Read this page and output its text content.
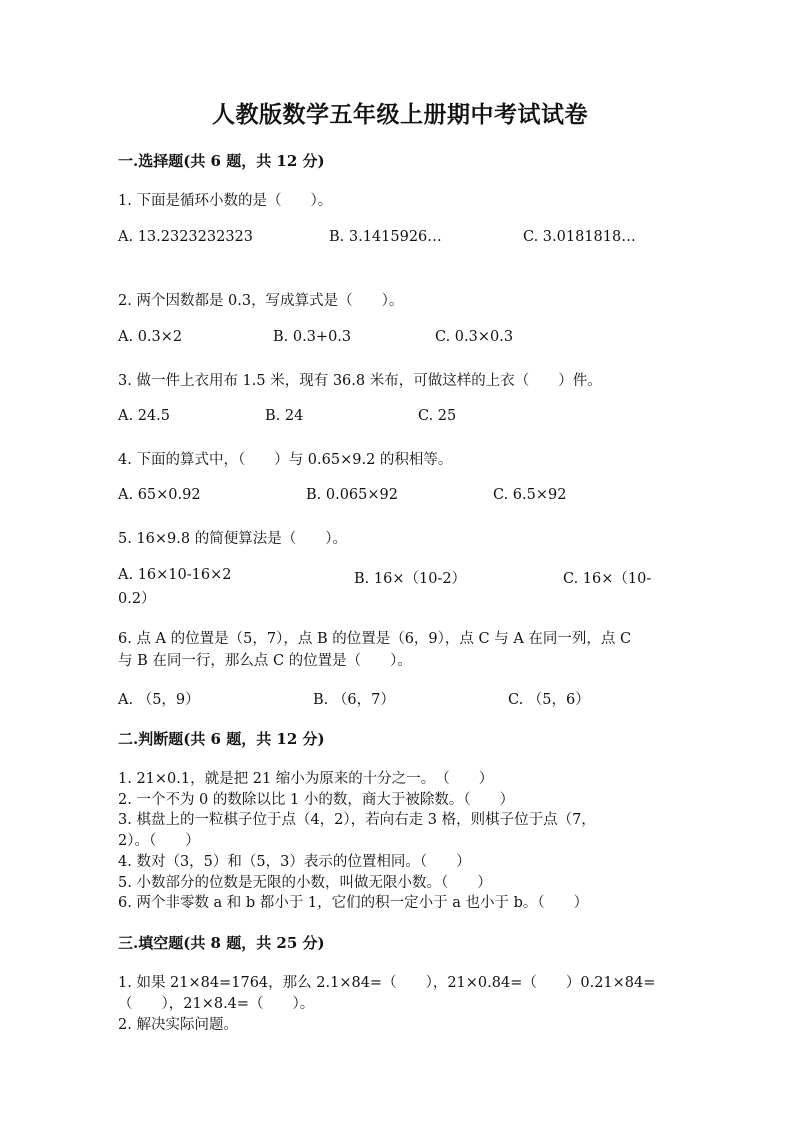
人教版数学五年级上册期中考试试卷
一.选择题(共 6 题，共 12 分)
1. 下面是循环小数的是（　　）。
A. 13.2323232323	B. 3.1415926…	C. 3.0181818…
2. 两个因数都是 0.3，写成算式是（　　）。
A. 0.3×2	B. 0.3+0.3	C. 0.3×0.3
3. 做一件上衣用布 1.5 米，现有 36.8 米布，可做这样的上衣（　　）件。
A. 24.5	B. 24	C. 25
4. 下面的算式中，（　　）与 0.65×9.2 的积相等。
A. 65×0.92	B. 0.065×92	C. 6.5×92
5. 16×9.8 的简便算法是（　　）。
A. 16×10-16×2	B. 16×（10-2）	C. 16×（10-
0.2）
6. 点 A 的位置是（5，7），点 B 的位置是（6，9），点 C 与 A 在同一列，点 C
与 B 在同一行，那么点 C 的位置是（　　）。
A. （5，9）	B. （6，7）	C. （5，6）
二.判断题(共 6 题，共 12 分)
1. 21×0.1，就是把 21 缩小为原来的十分之一。　（　　）
2. 一个不为 0 的数除以比 1 小的数，商大于被除数。（　　）
3. 棋盘上的一粒棋子位于点（4，2），若向右走 3 格，则棋子位于点（7，
2）。（　　）
4. 数对（3，5）和（5，3）表示的位置相同。（　　）
5. 小数部分的位数是无限的小数，叫做无限小数。（　　）
6. 两个非零数 a 和 b 都小于 1，它们的积一定小于 a 也小于 b。（　　）
三.填空题(共 8 题，共 25 分)
1. 如果 21×84=1764，那么 2.1×84=（　　），21×0.84=（　　）0.21×84=
（　　），21×8.4=（　　）。
2. 解决实际问题。
